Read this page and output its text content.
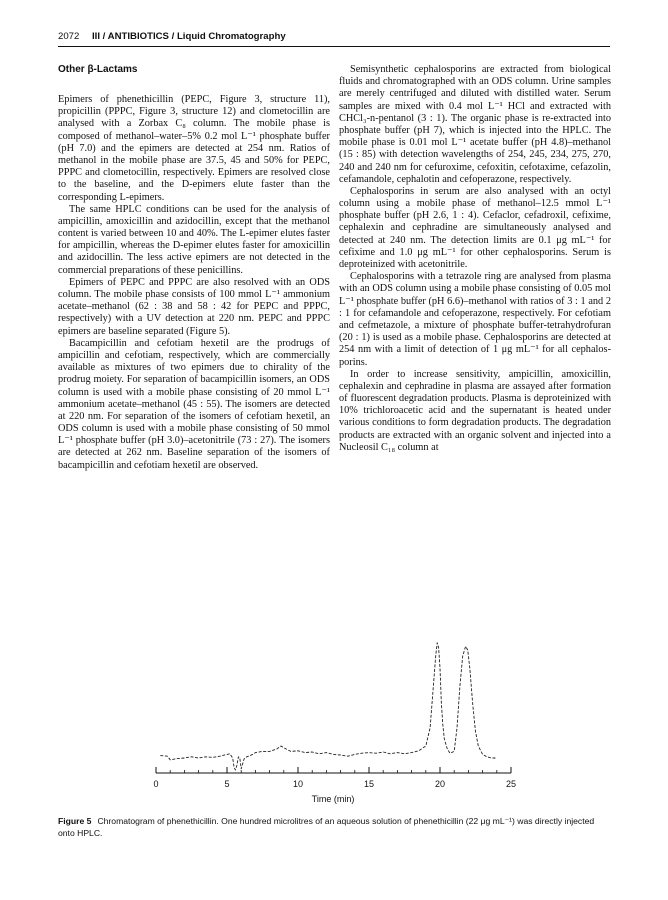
2072 III / ANTIBIOTICS / Liquid Chromatography
Other β-Lactams

Epimers of phenethicillin (PEPC, Figure 3, structure 11), propicillin (PPPC, Figure 3, structure 12) and clometocillin are analysed with a Zorbax C₈ column. The mobile phase is composed of methanol–water–5% 0.2 mol L⁻¹ phosphate buffer (pH 7.0) and the epimers are detected at 254 nm. Ratios of methanol in the mobile phase are 37.5, 45 and 50% for PEPC, PPPC and clometocillin, respectively. Epimers are resolved close to the baseline, and the D-epimers elute faster than the corresponding L-epimers.

The same HPLC conditions can be used for the analysis of ampicillin, amoxicillin and azidocillin, except that the methanol content is varied between 10 and 40%. The L-epimer elutes faster for ampicillin, whereas the D-epimer elutes faster for amoxicillin and azidocillin. The less active epimers are not detected in the commercial preparations of these penicillins.

Epimers of PEPC and PPPC are also resolved with an ODS column. The mobile phase consists of 100 mmol L⁻¹ ammonium acetate–methanol (62 : 38 and 58 : 42 for PEPC and PPPC, respectively) with a UV detection at 220 nm. PEPC and PPPC epimers are baseline separated (Figure 5).

Bacampicillin and cefotiam hexetil are the prodrugs of ampicillin and cefotiam, respectively, which are commercially available as mixtures of two epimers due to chirality of the prodrug moiety. For separation of bacampicillin isomers, an ODS column is used with a mobile phase consisting of 20 mmol L⁻¹ ammonium acetate–methanol (45 : 55). The isomers are detected at 220 nm. For separation of the isomers of cefotiam hexetil, an ODS column is used with a mobile phase consisting of 50 mmol L⁻¹ phosphate buffer (pH 3.0)–acetonitrile (73 : 27). The isomers are detected at 262 nm. Baseline separation of the isomers of bacampicillin and cefotiam hexetil are observed.

Semisynthetic cephalosporins are extracted from biological fluids and chromatographed with an ODS column. Urine samples are merely centrifuged and diluted with distilled water. Serum samples are mixed with 0.4 mol L⁻¹ HCl and extracted with CHCl₃-n-pentanol (3 : 1). The organic phase is re-extracted into phosphate buffer (pH 7), which is injected into the HPLC. The mobile phase is 0.01 mol L⁻¹ acetate buffer (pH 4.8)–methanol (15 : 85) with detection wavelengths of 254, 245, 234, 275, 270, 240 and 240 nm for cefuroxime, cefoxitin, cefotaxime, cefazolin, cefamandole, cephalotin and cefoperazone, respectively.

Cephalosporins in serum are also analysed with an octyl column using a mobile phase of methanol–12.5 mmol L⁻¹ phosphate buffer (pH 2.6, 1 : 4). Cefaclor, cefadroxil, cefixime, cephalexin and cephradine are simultaneously analysed and detected at 240 nm. The detection limits are 0.1 μg mL⁻¹ for cefixime and 1.0 μg mL⁻¹ for other cephalosporins. Serum is deproteinized with acetonitrile.

Cephalosporins with a tetrazole ring are analysed from plasma with an ODS column using a mobile phase consisting of 0.05 mol L⁻¹ phosphate buffer (pH 6.6)–methanol with ratios of 3 : 1 and 2 : 1 for cefamandole and cefoperazone, respectively. For cefotiam and cefmetazole, a mixture of phosphate buffer-tetrahydrofuran (20 : 1) is used as a mobile phase. Cephalosporins are detected at 254 nm with a limit of detection of 1 μg mL⁻¹ for all cephalosporins.

In order to increase sensitivity, ampicillin, amoxicillin, cephalexin and cephradine in plasma are assayed after formation of fluorescent degradation products. Plasma is deproteinized with 10% trichloroacetic acid and the supernatant is heated under various conditions to form degradation products. The degradation products are extracted with an organic solvent and injected into a Nucleosil C₁₈ column at

0	5	10	15	20	25
Time (min)
Figure 5 Chromatogram of phenethicillin. One hundred microlitres of an aqueous solution of phenethicillin (22 μg mL⁻¹) was directly injected onto HPLC.
